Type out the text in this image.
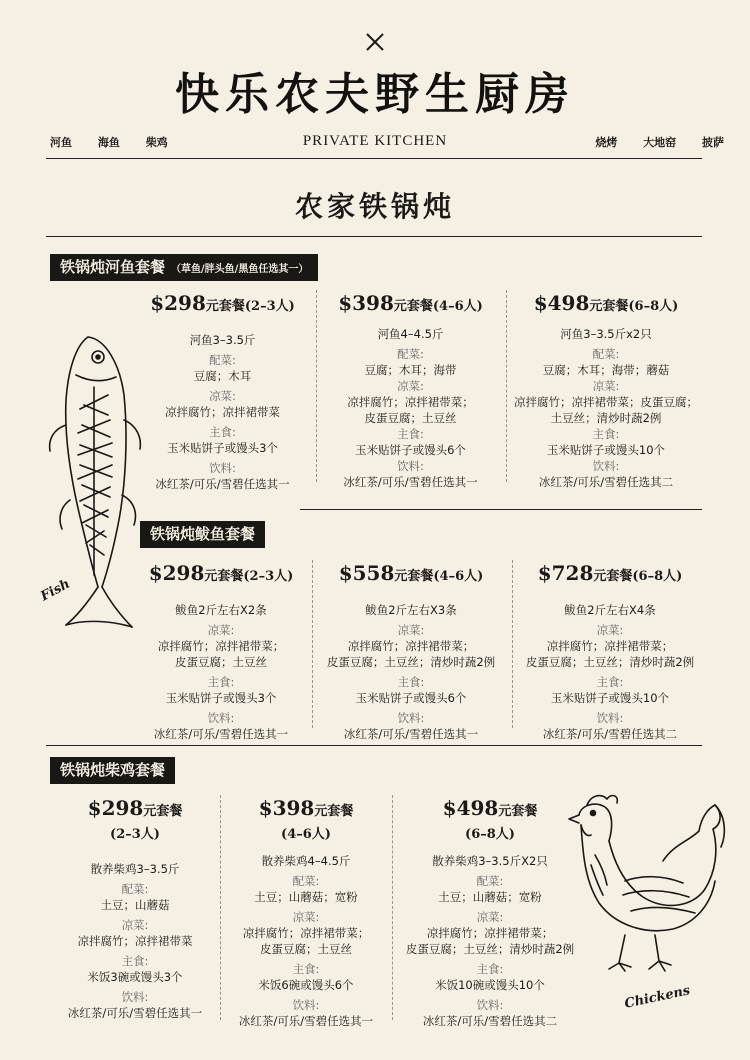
快乐农夫野生厨房
河鱼 海鱼 柴鸡	PRIVATE KITCHEN	烧烤 大地窑 披萨
农家铁锅炖
铁锅炖河鱼套餐 （草鱼/胖头鱼/黑鱼任选其一）
$298元套餐(2–3人)
河鱼3–3.5斤
配菜:
豆腐；木耳
凉菜:
凉拌腐竹；凉拌裙带菜
主食:
玉米贴饼子或馒头3个
饮料:
冰红茶/可乐/雪碧任选其一
$398元套餐(4–6人)
河鱼4–4.5斤
配菜:
豆腐；木耳；海带
凉菜:
凉拌腐竹；凉拌裙带菜；
皮蛋豆腐；土豆丝
主食:
玉米贴饼子或馒头6个
饮料:
冰红茶/可乐/雪碧任选其一
$498元套餐(6–8人)
河鱼3–3.5斤x2只
配菜:
豆腐；木耳；海带；蘑菇
凉菜:
凉拌腐竹；凉拌裙带菜；皮蛋豆腐；
土豆丝；清炒时蔬2例
主食:
玉米贴饼子或馒头10个
饮料:
冰红茶/可乐/雪碧任选其二
Fish
铁锅炖鲅鱼套餐
$298元套餐(2–3人)
鲅鱼2斤左右X2条
凉菜:
凉拌腐竹；凉拌裙带菜；
皮蛋豆腐；土豆丝
主食:
玉米贴饼子或馒头3个
饮料:
冰红茶/可乐/雪碧任选其一
$558元套餐(4–6人)
鲅鱼2斤左右X3条
凉菜:
凉拌腐竹；凉拌裙带菜；
皮蛋豆腐；土豆丝；清炒时蔬2例
主食:
玉米贴饼子或馒头6个
饮料:
冰红茶/可乐/雪碧任选其一
$728元套餐(6–8人)
鲅鱼2斤左右X4条
凉菜:
凉拌腐竹；凉拌裙带菜；
皮蛋豆腐；土豆丝；清炒时蔬2例
主食:
玉米贴饼子或馒头10个
饮料:
冰红茶/可乐/雪碧任选其二
铁锅炖柴鸡套餐
$298元套餐
(2–3人)
散养柴鸡3–3.5斤
配菜:
土豆；山蘑菇
凉菜:
凉拌腐竹；凉拌裙带菜
主食:
米饭3碗或馒头3个
饮料:
冰红茶/可乐/雪碧任选其一
$398元套餐
(4–6人)
散养柴鸡4–4.5斤
配菜:
土豆；山蘑菇；宽粉
凉菜:
凉拌腐竹；凉拌裙带菜；
皮蛋豆腐；土豆丝
主食:
米饭6碗或馒头6个
饮料:
冰红茶/可乐/雪碧任选其一
$498元套餐
(6–8人)
散养柴鸡3–3.5斤X2只
配菜:
土豆；山蘑菇；宽粉
凉菜:
凉拌腐竹；凉拌裙带菜；
皮蛋豆腐；土豆丝；清炒时蔬2例
主食:
米饭10碗或馒头10个
饮料:
冰红茶/可乐/雪碧任选其二
Chickens
